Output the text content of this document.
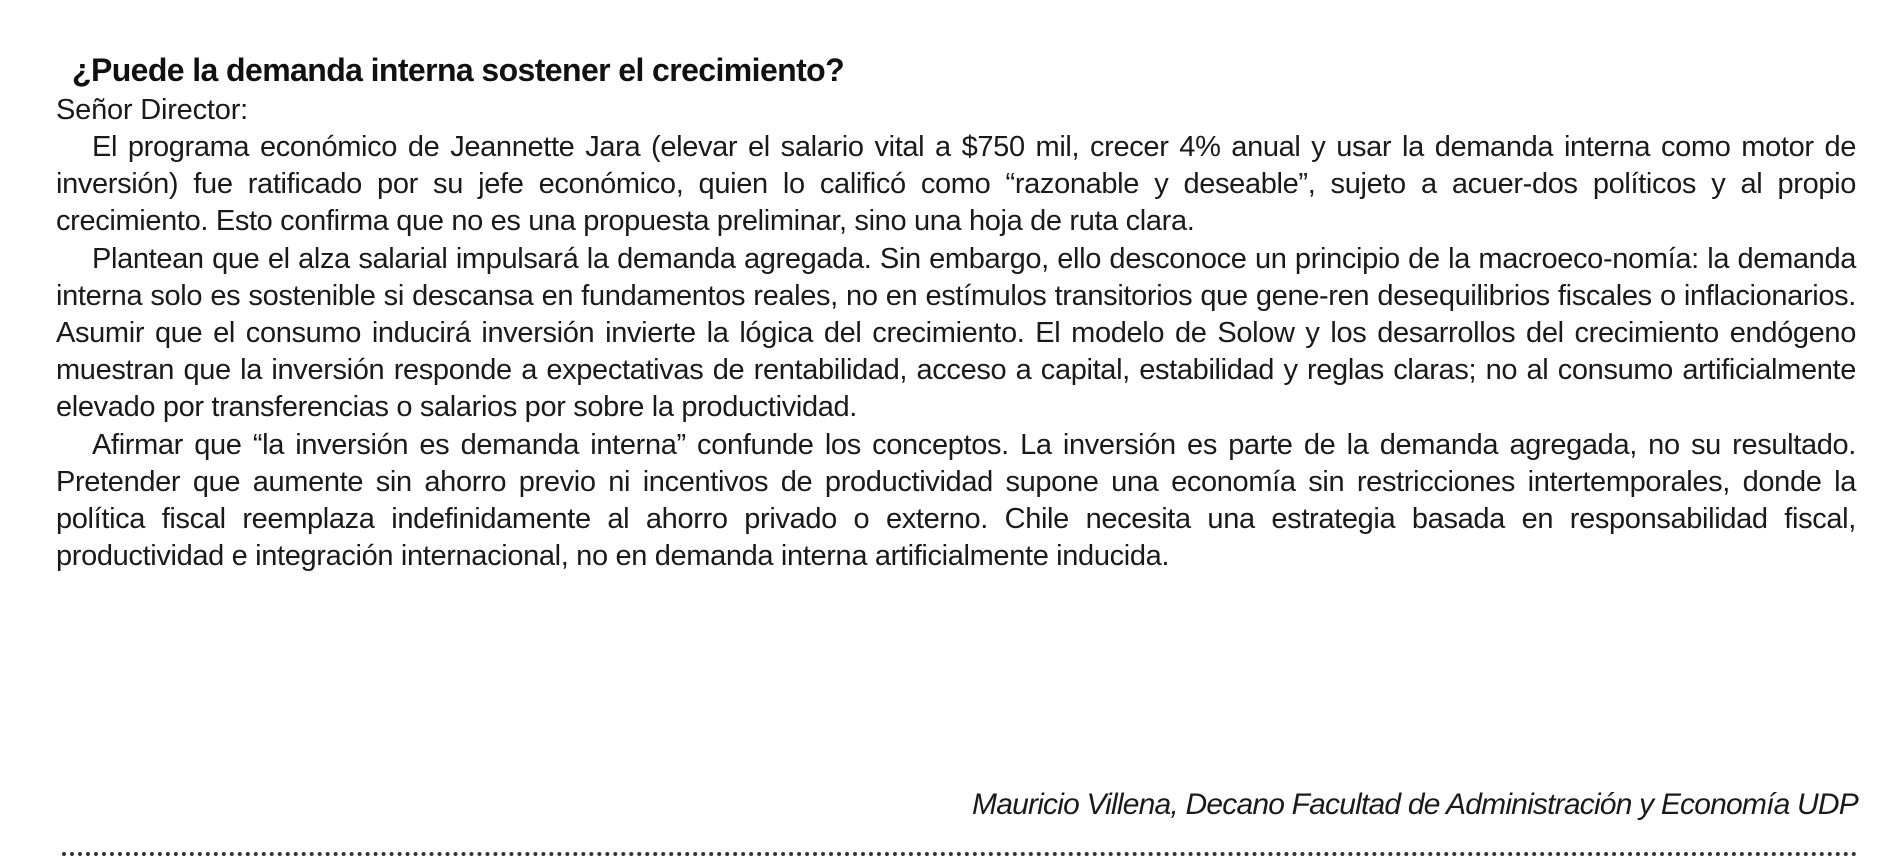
¿Puede la demanda interna sostener el crecimiento?

Señor Director:

El programa económico de Jeannette Jara (elevar el salario vital a $750 mil, crecer 4% anual y usar la demanda interna como motor de inversión) fue ratificado por su jefe económico, quien lo calificó como “razonable y deseable”, sujeto a acuer-dos políticos y al propio crecimiento. Esto confirma que no es una propuesta preliminar, sino una hoja de ruta clara.

Plantean que el alza salarial impulsará la demanda agregada. Sin embargo, ello desconoce un principio de la macroeco-nomía: la demanda interna solo es sostenible si descansa en fundamentos reales, no en estímulos transitorios que gene-ren desequilibrios fiscales o inflacionarios. Asumir que el consumo inducirá inversión invierte la lógica del crecimiento. El modelo de Solow y los desarrollos del crecimiento endógeno muestran que la inversión responde a expectativas de rentabilidad, acceso a capital, estabilidad y reglas claras; no al consumo artificialmente elevado por transferencias o salarios por sobre la productividad.

Afirmar que “la inversión es demanda interna” confunde los conceptos. La inversión es parte de la demanda agregada, no su resultado. Pretender que aumente sin ahorro previo ni incentivos de productividad supone una economía sin restricciones intertemporales, donde la política fiscal reemplaza indefinidamente al ahorro privado o externo. Chile necesita una estrategia basada en responsabilidad fiscal, productividad e integración internacional, no en demanda interna artificialmente inducida.

Mauricio Villena, Decano Facultad de Administración y Economía UDP
